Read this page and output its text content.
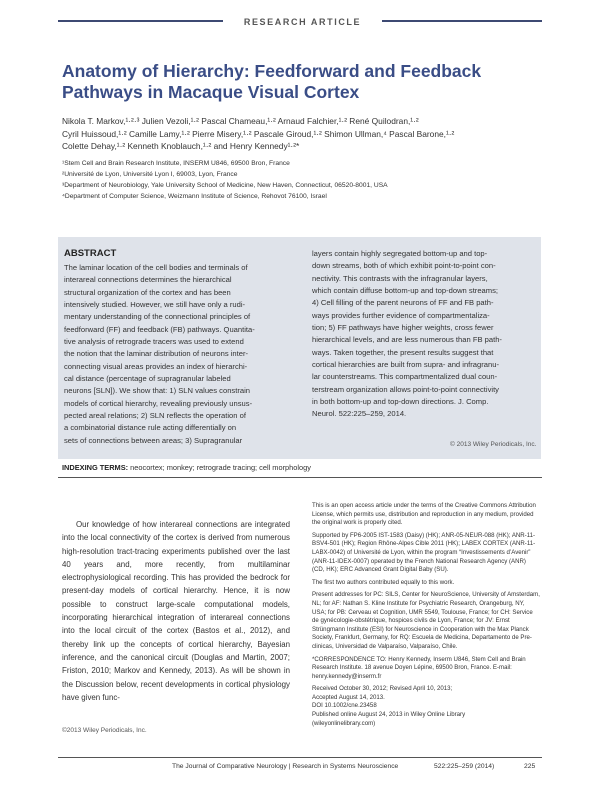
RESEARCH ARTICLE
Anatomy of Hierarchy: Feedforward and Feedback Pathways in Macaque Visual Cortex
Nikola T. Markov,¹·²·³ Julien Vezoli,¹·² Pascal Chameau,¹·² Arnaud Falchier,¹·² René Quilodran,¹·²
Cyril Huissoud,¹·² Camille Lamy,¹·² Pierre Misery,¹·² Pascale Giroud,¹·² Shimon Ullman,⁴ Pascal Barone,¹·²
Colette Dehay,¹·² Kenneth Knoblauch,¹·² and Henry Kennedy¹·²*
¹Stem Cell and Brain Research Institute, INSERM U846, 69500 Bron, France
²Université de Lyon, Université Lyon I, 69003, Lyon, France
³Department of Neurobiology, Yale University School of Medicine, New Haven, Connecticut, 06520-8001, USA
⁴Department of Computer Science, Weizmann Institute of Science, Rehovot 76100, Israel
ABSTRACT
The laminar location of the cell bodies and terminals of
interareal connections determines the hierarchical
structural organization of the cortex and has been
intensively studied. However, we still have only a rudi-
mentary understanding of the connectional principles of
feedforward (FF) and feedback (FB) pathways. Quantita-
tive analysis of retrograde tracers was used to extend
the notion that the laminar distribution of neurons inter-
connecting visual areas provides an index of hierarchi-
cal distance (percentage of supragranular labeled
neurons [SLN]). We show that: 1) SLN values constrain
models of cortical hierarchy, revealing previously unsus-
pected areal relations; 2) SLN reflects the operation of
a combinatorial distance rule acting differentially on
sets of connections between areas; 3) Supragranular
layers contain highly segregated bottom-up and top-
down streams, both of which exhibit point-to-point con-
nectivity. This contrasts with the infragranular layers,
which contain diffuse bottom-up and top-down streams;
4) Cell filling of the parent neurons of FF and FB path-
ways provides further evidence of compartmentaliza-
tion; 5) FF pathways have higher weights, cross fewer
hierarchical levels, and are less numerous than FB path-
ways. Taken together, the present results suggest that
cortical hierarchies are built from supra- and infragranu-
lar counterstreams. This compartmentalized dual coun-
terstream organization allows point-to-point connectivity
in both bottom-up and top-down directions. J. Comp.
Neurol. 522:225–259, 2014.
© 2013 Wiley Periodicals, Inc.
INDEXING TERMS: neocortex; monkey; retrograde tracing; cell morphology
Our knowledge of how interareal connections are integrated into the local connectivity of the cortex is derived from numerous high-resolution tract-tracing experiments published over the last 40 years and, more recently, from multilaminar electrophysiological recording. This has provided the bedrock for present-day models of cortical hierarchy. Hence, it is now possible to construct large-scale computational models, incorporating hierarchical integration of interareal connections into the local circuit of the cortex (Bastos et al., 2012), and thereby link up the concepts of cortical hierarchy, Bayesian inference, and the canonical circuit (Douglas and Martin, 2007; Friston, 2010; Markov and Kennedy, 2013). As will be shown in the Discussion below, recent developments in cortical physiology have given func-
©2013 Wiley Periodicals, Inc.

This is an open access article under the terms of the Creative Commons Attribution License, which permits use, distribution and reproduction in any medium, provided the original work is properly cited.

Supported by FP6-2005 IST-1583 (Daisy) (HK); ANR-05-NEUR-088 (HK); ANR-11-BSV4-501 (HK); Region Rhône-Alpes Cible 2011 (HK); LABEX CORTEX (ANR-11-LABX-0042) of Université de Lyon, within the program “Investissements d’Avenir” (ANR-11-IDEX-0007) operated by the French National Research Agency (ANR) (CD, HK); ERC Advanced Grant Digital Baby (SU).

The first two authors contributed equally to this work.

Present addresses for PC: SILS, Center for NeuroScience, University of Amsterdam, NL; for AF: Nathan S. Kline Institute for Psychiatric Research, Orangeburg, NY, USA; for PB: Cerveau et Cognition, UMR 5549, Toulouse, France; for CH: Service de gynécologie-obstétrique, hospices civils de Lyon, France; for JV: Ernst Strüngmann Institute (ESI) for Neuroscience in Cooperation with the Max Planck Society, Frankfurt, Germany, for RQ: Escuela de Medicina, Departamento de Pre-clinicas, Universidad de Valparaíso, Valparaíso, Chile.

*CORRESPONDENCE TO: Henry Kennedy, Inserm U846, Stem Cell and Brain Research Institute. 18 avenue Doyen Lépine, 69500 Bron, France. E-mail: henry.kennedy@inserm.fr

Received October 30, 2012; Revised April 10, 2013;

Accepted August 14, 2013.

DOI 10.1002/cne.23458

Published online August 24, 2013 in Wiley Online Library

(wileyonlinelibrary.com)

The Journal of Comparative Neurology | Research in Systems Neuroscience	522:225–259 (2014)	225
